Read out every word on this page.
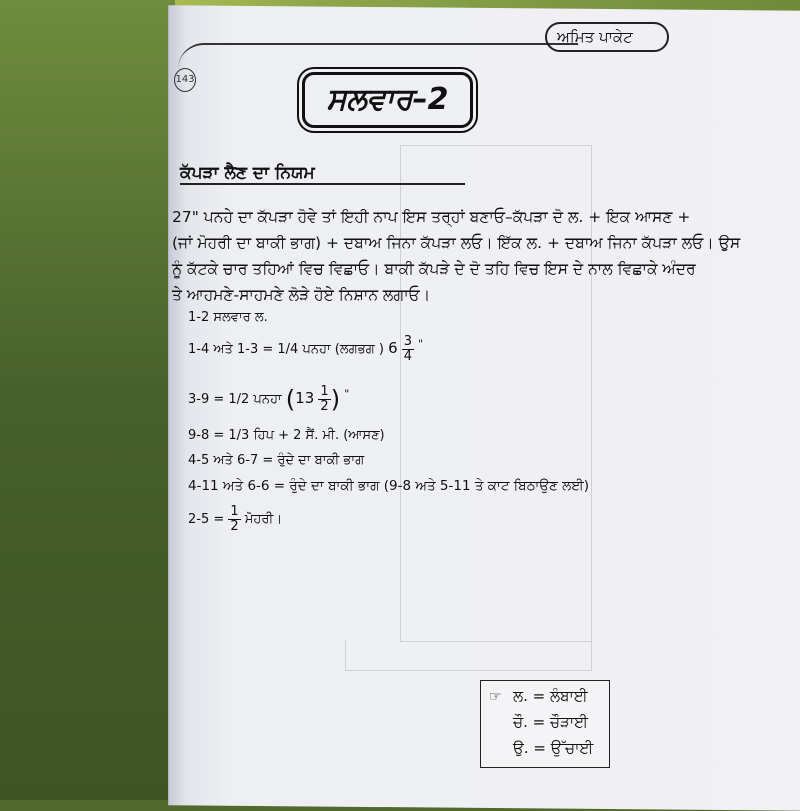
ਅਮਿਤ ਪਾਕੇਟ
143
ਸਲਵਾਰ–2
ਕੱਪੜਾ ਲੈਣ ਦਾ ਨਿਯਮ
27" ਪਨਹੇ ਦਾ ਕੱਪੜਾ ਹੋਵੇ ਤਾਂ ਇਹੀ ਨਾਪ ਇਸ ਤਰ੍ਹਾਂ ਬਣਾਓ–ਕੱਪੜਾ ਦੋ ਲ. + ਇਕ ਆਸਣ +
(ਜਾਂ ਮੋਹਰੀ ਦਾ ਬਾਕੀ ਭਾਗ) + ਦਬਾਅ ਜਿਨਾ ਕੱਪੜਾ ਲਓ। ਇੱਕ ਲ. + ਦਬਾਅ ਜਿਨਾ ਕੱਪੜਾ ਲਓ। ਉਸ
ਨੂੰ ਕੱਟਕੇ ਚਾਰ ਤਹਿਆਂ ਵਿਚ ਵਿਛਾਓ। ਬਾਕੀ ਕੱਪੜੇ ਦੇ ਦੋ ਤਹਿ ਵਿਚ ਇਸ ਦੇ ਨਾਲ ਵਿਛਾਕੇ ਅੰਦਰ
ਤੇ ਆਹਮਣੇ-ਸਾਹਮਣੇ ਲੋੜੇ ਹੋਏ ਨਿਸ਼ਾਨ ਲਗਾਓ।
1-2 ਸਲਵਾਰ ਲ.
1-4 ਅਤੇ 1-3 = 1/4 ਪਨਹਾ (ਲਗਭਗ ) $6 \frac{3}{4} ^"$
3-9 = 1/2 ਪਨਹਾ ($13 \frac{1}{2}$ ) "
9-8 = 1/3 ਹਿਪ + 2 ਸੈਂ. ਮੀ. (ਆਸਣ)
4-5 ਅਤੇ 6-7 = ਰੁੰਦੇ ਦਾ ਬਾਕੀ ਭਾਗ
4-11 ਅਤੇ 6-6 = ਰੁੰਦੇ ਦਾ ਬਾਕੀ ਭਾਗ (9-8 ਅਤੇ 5-11 ਤੇ ਕਾਟ ਬਿਠਾਉਣ ਲਈ)
$2-5 = \frac{1}{2}$ ਮੋਹਰੀ।
☞ ਲ. = ਲੰਬਾਈ
ਚੌ. = ਚੌੜਾਈ
ਉ. = ਉੱਚਾਈ
